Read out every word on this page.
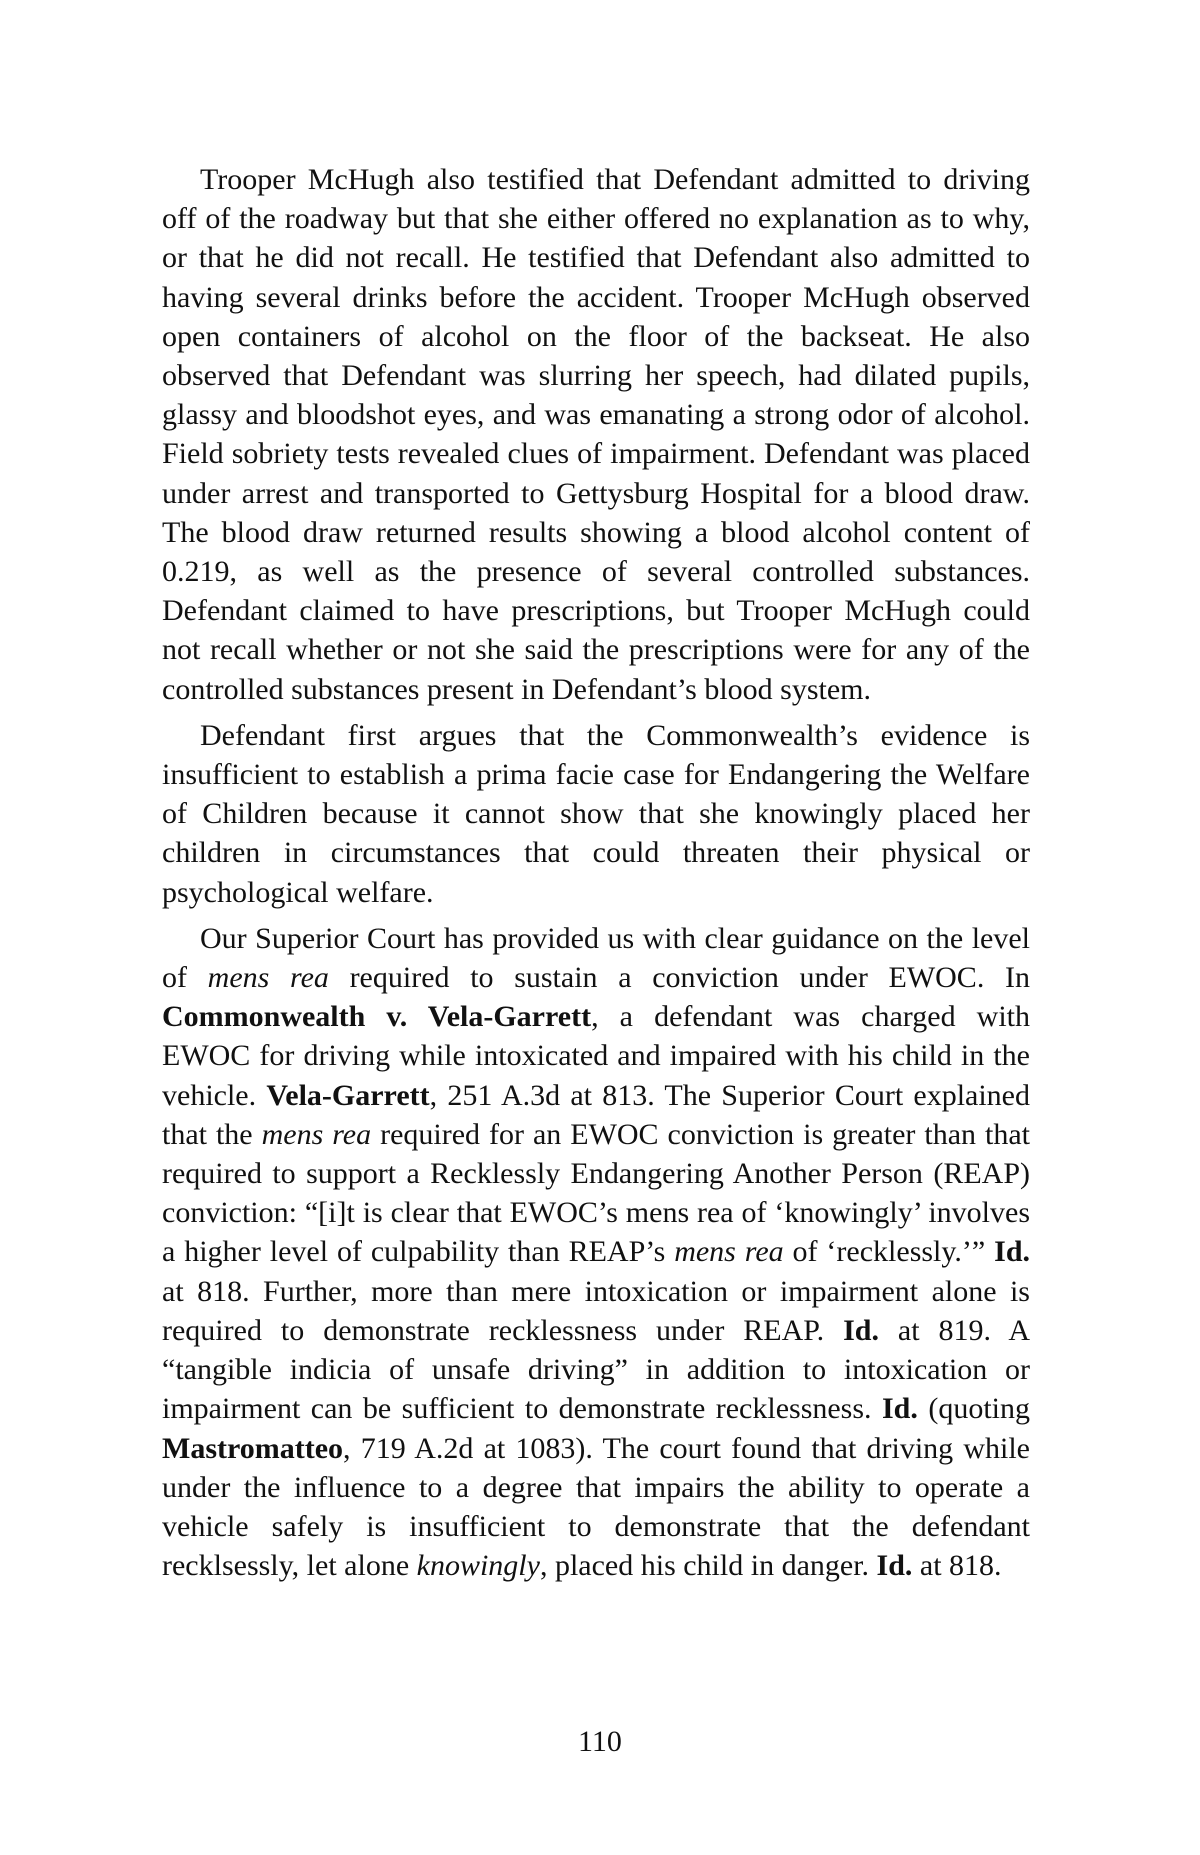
Trooper McHugh also testified that Defendant admitted to driving off of the roadway but that she either offered no explanation as to why, or that he did not recall. He testified that Defendant also admitted to having several drinks before the accident. Trooper McHugh observed open containers of alcohol on the floor of the backseat. He also observed that Defendant was slurring her speech, had dilated pupils, glassy and bloodshot eyes, and was emanating a strong odor of alcohol. Field sobriety tests revealed clues of impairment. Defendant was placed under arrest and transported to Gettysburg Hospital for a blood draw. The blood draw returned results showing a blood alcohol content of 0.219, as well as the presence of several controlled substances. Defendant claimed to have prescriptions, but Trooper McHugh could not recall whether or not she said the prescriptions were for any of the controlled substances present in Defendant’s blood system.

Defendant first argues that the Commonwealth’s evidence is insufficient to establish a prima facie case for Endangering the Welfare of Children because it cannot show that she knowingly placed her children in circumstances that could threaten their physical or psychological welfare.

Our Superior Court has provided us with clear guidance on the level of mens rea required to sustain a conviction under EWOC. In Commonwealth v. Vela-Garrett, a defendant was charged with EWOC for driving while intoxicated and impaired with his child in the vehicle. Vela-Garrett, 251 A.3d at 813. The Superior Court explained that the mens rea required for an EWOC conviction is greater than that required to support a Recklessly Endangering Another Person (REAP) conviction: “[i]t is clear that EWOC’s mens rea of ‘knowingly’ involves a higher level of culpability than REAP’s mens rea of ‘recklessly.’” Id. at 818. Further, more than mere intoxication or impairment alone is required to demonstrate recklessness under REAP. Id. at 819. A “tangible indicia of unsafe driving” in addition to intoxication or impairment can be sufficient to demonstrate recklessness. Id. (quoting Mastromatteo, 719 A.2d at 1083). The court found that driving while under the influence to a degree that impairs the ability to operate a vehicle safely is insufficient to demonstrate that the defendant recklsessly, let alone knowingly, placed his child in danger. Id. at 818.

110
